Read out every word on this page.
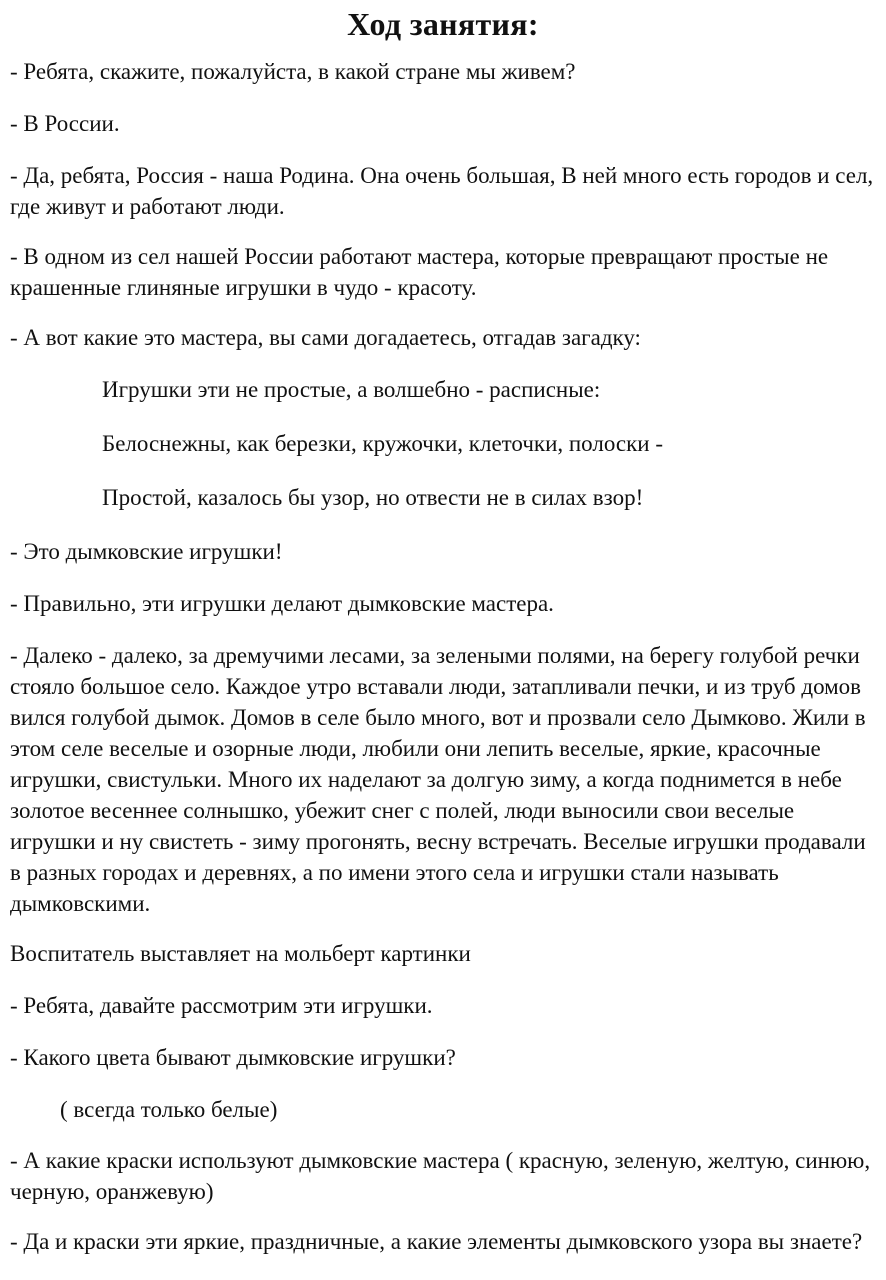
Ход занятия:
- Ребята, скажите, пожалуйста, в какой стране мы живем?
- В России.
- Да, ребята, Россия - наша Родина. Она очень большая, В ней много есть городов и сел, где живут и работают люди.
- В одном из сел нашей России работают мастера, которые превращают простые не крашенные глиняные игрушки в чудо - красоту.
- А вот какие это мастера, вы сами догадаетесь, отгадав загадку:
Игрушки эти не простые, а волшебно - расписные:
Белоснежны, как березки, кружочки, клеточки, полоски -
Простой, казалось бы узор, но отвести не в силах взор!
- Это дымковские игрушки!
- Правильно, эти игрушки делают дымковские мастера.
- Далеко - далеко, за дремучими лесами, за зелеными полями, на берегу голубой речки стояло большое село. Каждое утро вставали люди, затапливали печки, и из труб домов вился голубой дымок. Домов в селе было много, вот и прозвали село Дымково. Жили в этом селе веселые и озорные люди, любили они лепить веселые, яркие, красочные игрушки, свистульки. Много их наделают за долгую зиму, а когда поднимется в небе золотое весеннее солнышко, убежит снег с полей, люди выносили свои веселые игрушки и ну свистеть - зиму прогонять, весну встречать. Веселые игрушки продавали в разных городах и деревнях, а по имени этого села и игрушки стали называть дымковскими.
Воспитатель выставляет на мольберт картинки
- Ребята, давайте рассмотрим эти игрушки.
- Какого цвета бывают дымковские игрушки?
( всегда только белые)
- А какие краски используют дымковские мастера ( красную, зеленую, желтую, синюю, черную, оранжевую)
- Да и краски эти яркие, праздничные, а какие элементы дымковского узора вы знаете?
